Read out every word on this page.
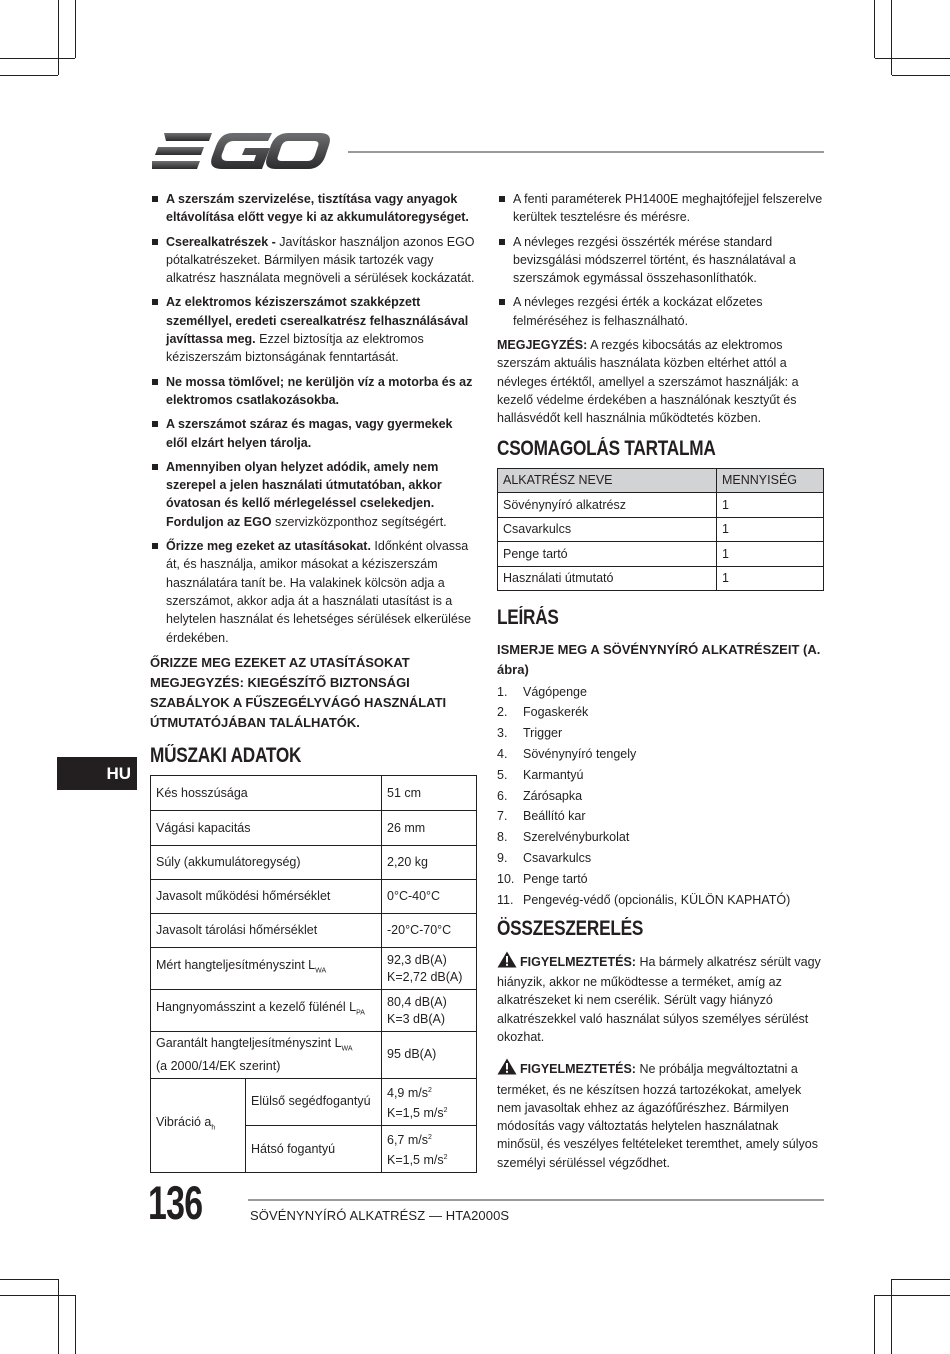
A szerszám szervizelése, tisztítása vagy anyagok eltávolítása előtt vegye ki az akkumulátoregységet.
Cserealkatrészek - Javításkor használjon azonos EGO pótalkatrészeket. Bármilyen másik tartozék vagy alkatrész használata megnöveli a sérülések kockázatát.
Az elektromos kéziszerszámot szakképzett személlyel, eredeti cserealkatrész felhasználásával javíttassa meg. Ezzel biztosítja az elektromos kéziszerszám biztonságának fenntartását.
Ne mossa tömlővel; ne kerüljön víz a motorba és az elektromos csatlakozásokba.
A szerszámot száraz és magas, vagy gyermekek elől elzárt helyen tárolja.
Amennyiben olyan helyzet adódik, amely nem szerepel a jelen használati útmutatóban, akkor óvatosan és kellő mérlegeléssel cselekedjen. Forduljon az EGO szervizközponthoz segítségért.
Őrizze meg ezeket az utasításokat. Időnként olvassa át, és használja, amikor másokat a kéziszerszám használatára tanít be. Ha valakinek kölcsön adja a szerszámot, akkor adja át a használati utasítást is a helytelen használat és lehetséges sérülések elkerülése érdekében.
ŐRIZZE MEG EZEKET AZ UTASÍTÁSOKAT
MEGJEGYZÉS: KIEGÉSZÍTŐ BIZTONSÁGI SZABÁLYOK A FŰSZEGÉLYVÁGÓ HASZNÁLATI ÚTMUTATÓJÁBAN TALÁLHATÓK.
MŰSZAKI ADATOK
Kés hosszúsága		51 cm
Vágási kapacitás		26 mm
Súly (akkumulátoregység)		2,20 kg
Javasolt működési hőmérséklet		0°C-40°C
Javasolt tárolási hőmérséklet		-20°C-70°C
Mért hangteljesítményszint $L_{WA}$		92,3 dB(A)
K=2,72 dB(A)

Hangnyomásszint a kezelő fülénél $L_{PA}$		80,4 dB(A)
K=3 dB(A)

Garantált hangteljesítményszint $L_{WA}$
(a 2000/14/EK szerint)		95 dB(A)
Vibráció $a_h$	Elülső segédfogantyú	4,9 $m/s^2$
K=1,5 $m/s^2$

	Hátsó fogantyú	6,7 $m/s^2$
K=1,5 $m/s^2$
A fenti paraméterek PH1400E meghajtófejjel felszerelve kerültek tesztelésre és mérésre.
A névleges rezgési összérték mérése standard bevizsgálási módszerrel történt, és használatával a szerszámok egymással összehasonlíthatók.
A névleges rezgési érték a kockázat előzetes felméréséhez is felhasználható.

MEGJEGYZÉS: A rezgés kibocsátás az elektromos szerszám aktuális használata közben eltérhet attól a névleges értéktől, amellyel a szerszámot használják: a kezelő védelme érdekében a használónak kesztyűt és hallásvédőt kell használnia működtetés közben.

CSOMAGOLÁS TARTALMA
ALKATRÉSZ NEVE	MENNYISÉG
Sövénynyíró alkatrész	1
Csavarkulcs	1
Penge tartó	1
Használati útmutató	1
LEÍRÁS
ISMERJE MEG A SÖVÉNYNYÍRÓ ALKATRÉSZEIT (A. ábra)
1.	Vágópenge
2.	Fogaskerék
3.	Trigger
4.	Sövénynyíró tengely
5.	Karmantyú
6.	Zárósapka
7.	Beállító kar
8.	Szerelvényburkolat
9.	Csavarkulcs
10. Penge tartó
11. Pengevég-védő (opcionális, KÜLÖN KAPHATÓ)
ÖSSZESZERELÉS

FIGYELMEZTETÉS: Ha bármely alkatrész sérült vagy hiányzik, akkor ne működtesse a terméket, amíg az alkatrészeket ki nem cserélik. Sérült vagy hiányzó alkatrészekkel való használat súlyos személyes sérülést okozhat.

FIGYELMEZTETÉS: Ne próbálja megváltoztatni a terméket, és ne készítsen hozzá tartozékokat, amelyek nem javasoltak ehhez az ágazófűrészhez. Bármilyen módosítás vagy változtatás helytelen használatnak minősül, és veszélyes feltételeket teremthet, amely súlyos személyi sérüléssel végződhet.

HU
136	SÖVÉNYNYÍRÓ ALKATRÉSZ — HTA2000S
